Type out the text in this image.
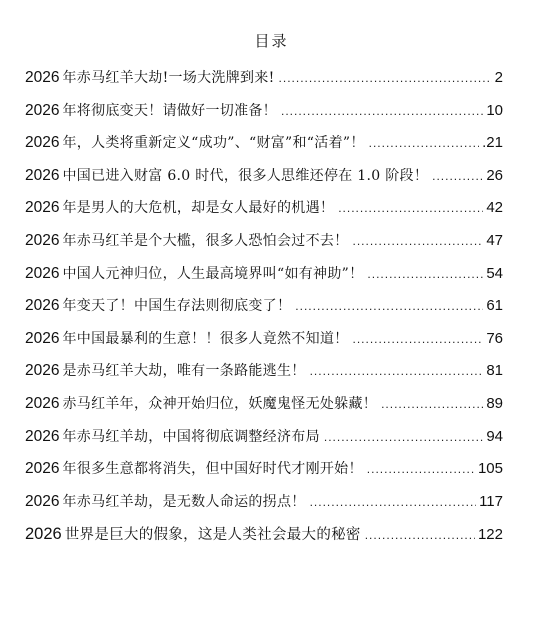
目录
2026 年赤马红羊大劫!一场大洗牌到来! .....	2
2026 年将彻底变天！请做好一切准备！ .....	10
2026 年，人类将重新定义“成功”、“财富”和“活着”！ .....	.21
2026 中国已进入财富 6.0 时代，很多人思维还停在 1.0 阶段！ .....	26
2026 年是男人的大危机，却是女人最好的机遇！ .....	42
2026 年赤马红羊是个大槛，很多人恐怕会过不去！ .....	47
2026 中国人元神归位，人生最高境界叫“如有神助”！ .....	54
2026 年变天了！中国生存法则彻底变了！ .....	61
2026 年中国最暴利的生意！！很多人竟然不知道！ .....	76
2026 是赤马红羊大劫，唯有一条路能逃生！ .....	81
2026 赤马红羊年，众神开始归位，妖魔鬼怪无处躲藏！ .....	89
2026 年赤马红羊劫，中国将彻底调整经济布局 .....	94
2026 年很多生意都将消失，但中国好时代才刚开始！ .....	105
2026 年赤马红羊劫，是无数人命运的拐点！ .....	117
2026 世界是巨大的假象，这是人类社会最大的秘密 .....	122
